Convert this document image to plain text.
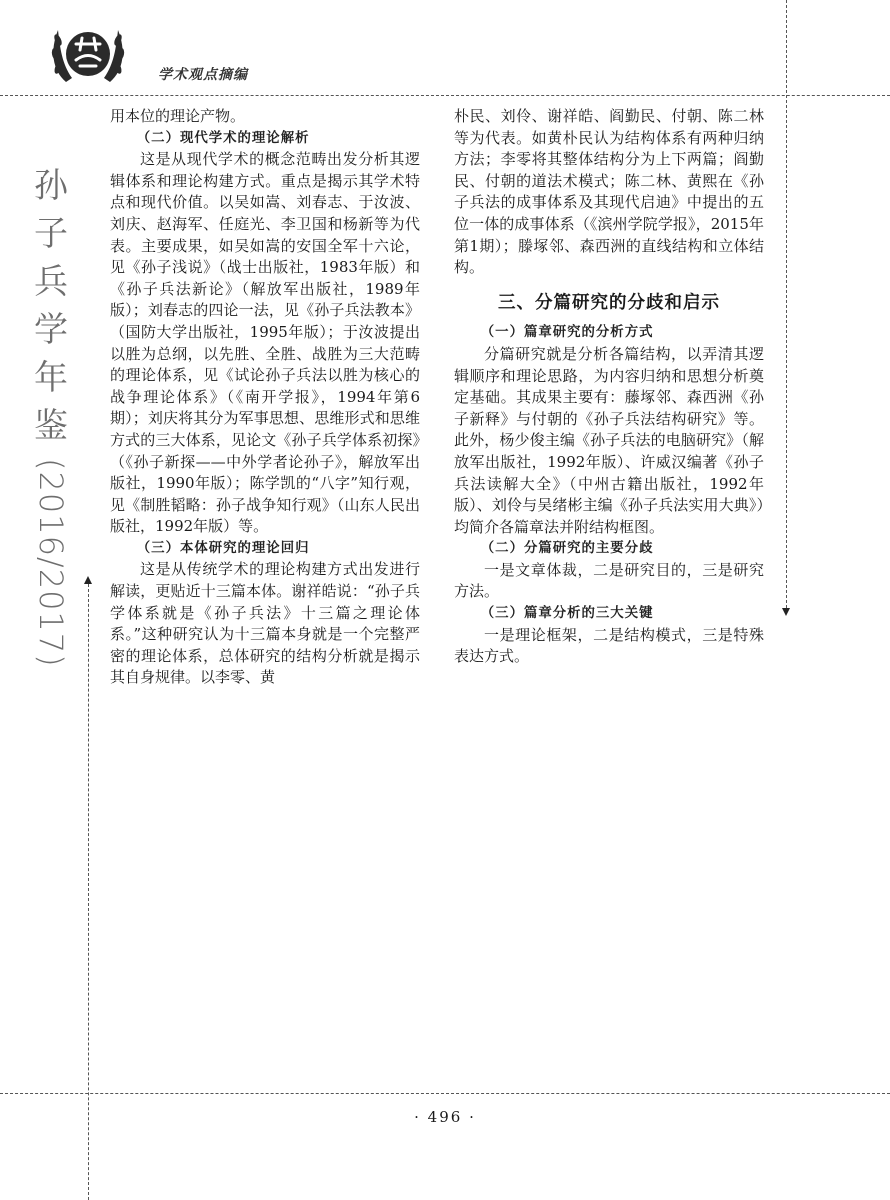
学术观点摘编
孙
子
兵
学
年
鉴
(2016/2017)

用本位的理论产物。

（二）现代学术的理论解析

这是从现代学术的概念范畴出发分析其逻辑体系和理论构建方式。重点是揭示其学术特点和现代价值。以吴如嵩、刘春志、于汝波、刘庆、赵海军、任庭光、李卫国和杨新等为代表。主要成果，如吴如嵩的安国全军十六论，见《孙子浅说》（战士出版社，1983年版）和《孙子兵法新论》（解放军出版社，1989年版）；刘春志的四论一法，见《孙子兵法教本》（国防大学出版社，1995年版）；于汝波提出以胜为总纲，以先胜、全胜、战胜为三大范畴的理论体系，见《试论孙子兵法以胜为核心的战争理论体系》（《南开学报》，1994年第6期）；刘庆将其分为军事思想、思维形式和思维方式的三大体系，见论文《孙子兵学体系初探》（《孙子新探——中外学者论孙子》，解放军出版社，1990年版）；陈学凯的“八字”知行观，见《制胜韬略：孙子战争知行观》（山东人民出版社，1992年版）等。

（三）本体研究的理论回归

这是从传统学术的理论构建方式出发进行解读，更贴近十三篇本体。谢祥皓说：“孙子兵学体系就是《孙子兵法》十三篇之理论体系。”这种研究认为十三篇本身就是一个完整严密的理论体系，总体研究的结构分析就是揭示其自身规律。以李零、黄

朴民、刘伶、谢祥皓、阎勤民、付朝、陈二林等为代表。如黄朴民认为结构体系有两种归纳方法；李零将其整体结构分为上下两篇；阎勤民、付朝的道法术模式；陈二林、黄熙在《孙子兵法的成事体系及其现代启迪》中提出的五位一体的成事体系（《滨州学院学报》，2015年第1期）；滕塚邻、森西洲的直线结构和立体结构。

三、分篇研究的分歧和启示
（一）篇章研究的分析方式

分篇研究就是分析各篇结构，以弄清其逻辑顺序和理论思路，为内容归纳和思想分析奠定基础。其成果主要有：藤塚邻、森西洲《孙子新释》与付朝的《孙子兵法结构研究》等。此外，杨少俊主编《孙子兵法的电脑研究》（解放军出版社，1992年版）、许威汉编著《孙子兵法读解大全》（中州古籍出版社，1992年版）、刘伶与吴绪彬主编《孙子兵法实用大典》）均简介各篇章法并附结构框图。

（二）分篇研究的主要分歧

一是文章体裁，二是研究目的，三是研究方法。

（三）篇章分析的三大关键

一是理论框架，二是结构模式，三是特殊表达方式。

· 496 ·
